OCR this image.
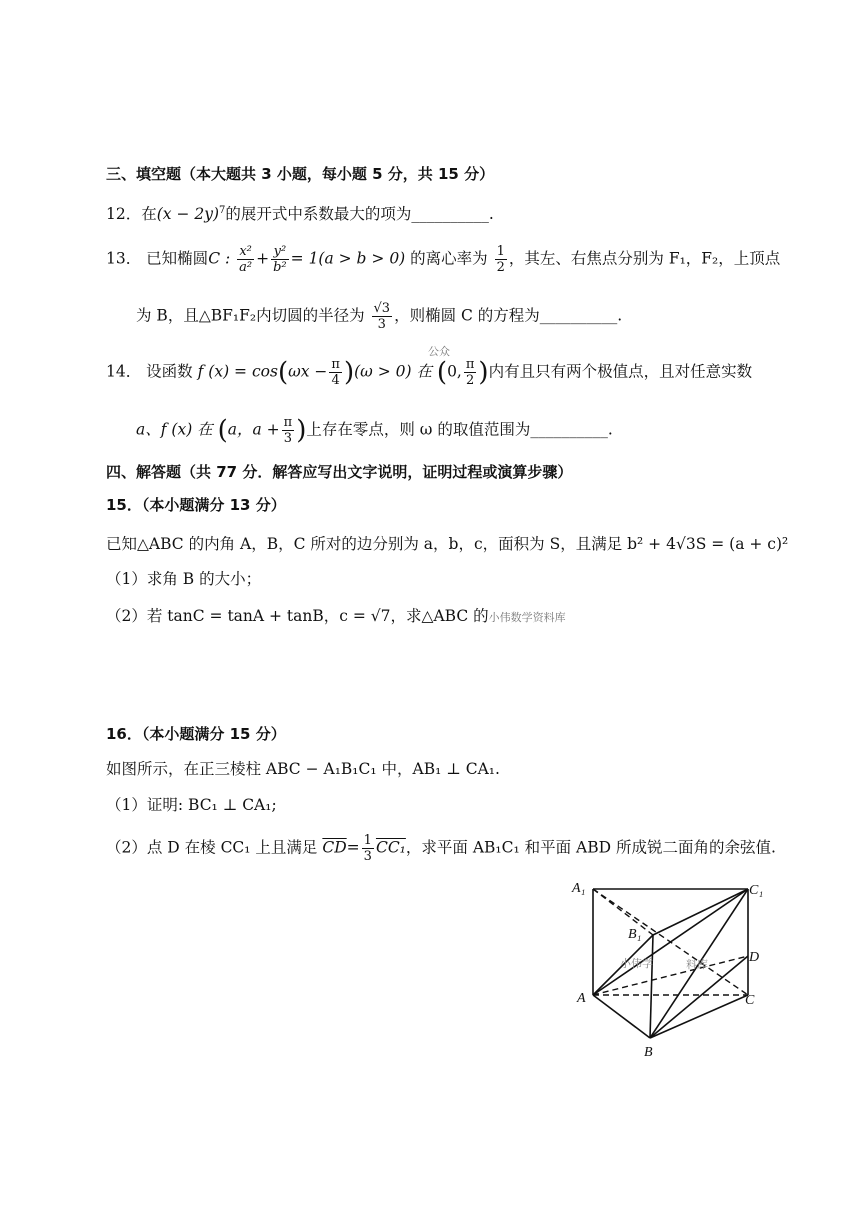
三、填空题（本大题共 3 小题，每小题 5 分，共 15 分）
12．在$(x - 2y)^7$的展开式中系数最大的项为__________.
13． 已知椭圆C : $\frac{\text{x²}}{\text{a²}} + \frac{\text{y²}}{\text{b²}} = 1(a > b > 0)$ 的离心率为 $\frac{1}{2}$ ，其左、右焦点分别为 F₁，F₂，上顶点
为 B，且△BF₁F₂内切圆的半径为 $\frac{√3}{3}$ ，则椭圆 C 的方程为__________.
14． 设函数 f $(x) = \cos(\omega x - \frac{\pi}{4} )(\omega > 0)$ 在 (0, $\frac{\pi}{2}$ )内有且只有两个极值点，且对任意实数
公众
a、f (x) 在 (a，$a + \frac{\pi}{3}$ )上存在零点，则 ω 的取值范围为__________.
四、解答题（共 77 分．解答应写出文字说明，证明过程或演算步骤）
15．（本小题满分 13 分）
已知△ABC 的内角 A，B，C 所对的边分别为 a，b，c，面积为 S，且满足 b² + 4√3S = (a + c)²
（1）求角 B 的大小；
（2）若 tanC = tanA + tanB，c = √7，求△ABC 的小伟数学资料库
16．（本小题满分 15 分）
如图所示，在正三棱柱 ABC − A₁B₁C₁ 中，AB₁ ⊥ CA₁.
（1）证明: BC₁ ⊥ CA₁;
（2）点 D 在棱 CC₁ 上且满足 $\overline{CD}= \frac{1}{3} CC_1$，求平面 AB₁C₁ 和平面 ABD 所成锐二面角的余弦值.
A₁	C₁
B₁
D
A	C
B
小伟学	料库
